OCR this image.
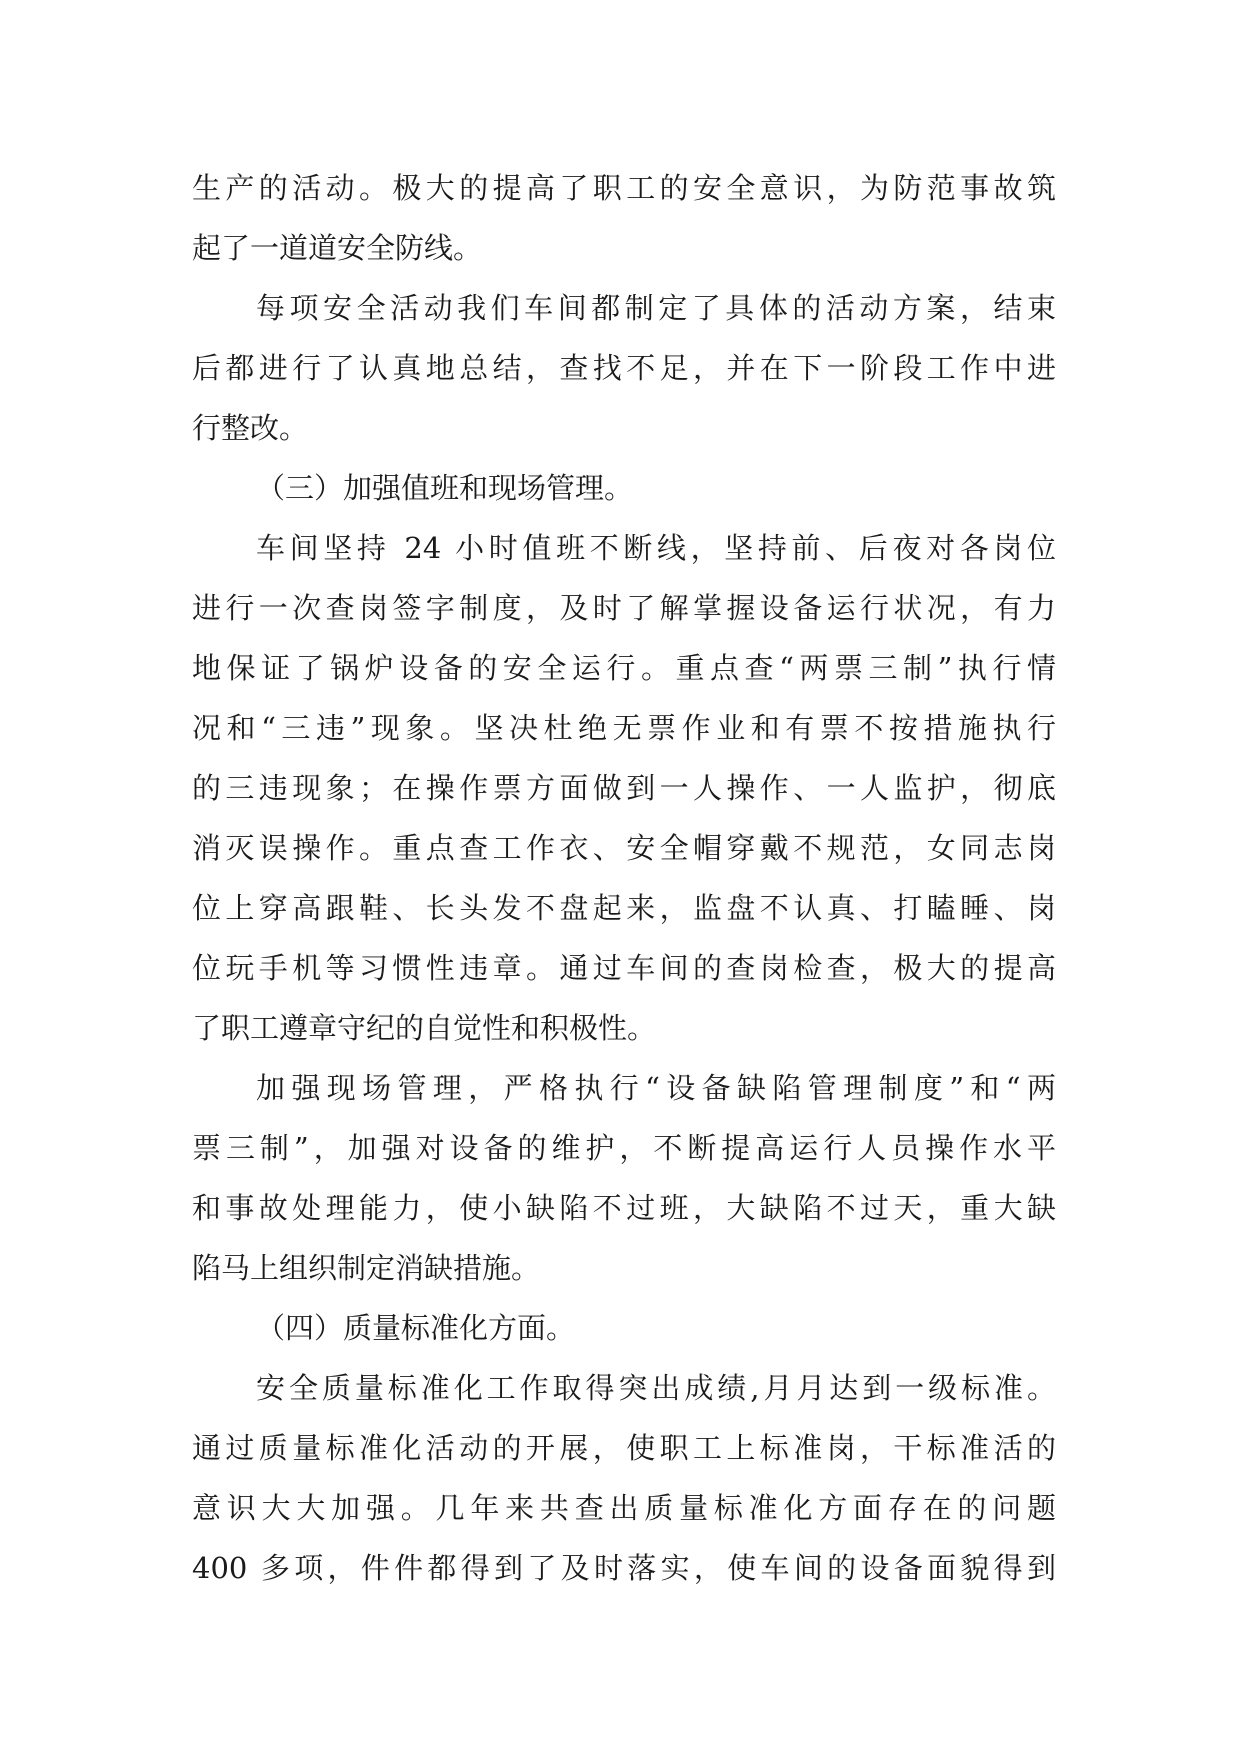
生产的活动。极大的提高了职工的安全意识，为防范事故筑
起了一道道安全防线。
每项安全活动我们车间都制定了具体的活动方案，结束
后都进行了认真地总结，查找不足，并在下一阶段工作中进
行整改。
（三）加强值班和现场管理。
车间坚持 24 小时值班不断线，坚持前、后夜对各岗位
进行一次查岗签字制度，及时了解掌握设备运行状况，有力
地保证了锅炉设备的安全运行。重点查“两票三制”执行情
况和“三违”现象。坚决杜绝无票作业和有票不按措施执行
的三违现象；在操作票方面做到一人操作、一人监护，彻底
消灭误操作。重点查工作衣、安全帽穿戴不规范，女同志岗
位上穿高跟鞋、长头发不盘起来，监盘不认真、打瞌睡、岗
位玩手机等习惯性违章。通过车间的查岗检查，极大的提高
了职工遵章守纪的自觉性和积极性。
加强现场管理，严格执行“设备缺陷管理制度”和“两
票三制”，加强对设备的维护，不断提高运行人员操作水平
和事故处理能力，使小缺陷不过班，大缺陷不过天，重大缺
陷马上组织制定消缺措施。
（四）质量标准化方面。
安全质量标准化工作取得突出成绩,月月达到一级标准。
通过质量标准化活动的开展，使职工上标准岗，干标准活的
意识大大加强。几年来共查出质量标准化方面存在的问题
400 多项，件件都得到了及时落实，使车间的设备面貌得到
